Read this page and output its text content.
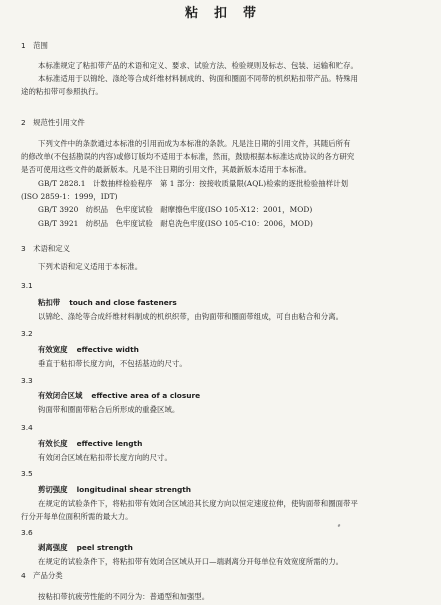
粘扣带
1　范围
本标准规定了粘扣带产品的术语和定义、要求、试验方法、检验规则及标志、包装、运输和贮存。
本标准适用于以锦纶、涤纶等合成纤维材料制成的、钩面和圈面不同带的机织粘扣带产品。特殊用
途的粘扣带可参照执行。
2　规范性引用文件
下列文件中的条款通过本标准的引用而成为本标准的条款。凡是注日期的引用文件，其随后所有
的修改单(不包括勘误的内容)或修订版均不适用于本标准，然而，鼓励根据本标准达成协议的各方研究
是否可使用这些文件的最新版本。凡是不注日期的引用文件，其最新版本适用于本标准。
GB/T 2828.1　计数抽样检验程序　第 1 部分：按接收质量限(AQL)检索的逐批检验抽样计划
(ISO 2859-1：1999，IDT)
GB/T 3920　纺织品　色牢度试验　耐摩擦色牢度(ISO 105-X12：2001，MOD)
GB/T 3921　纺织品　色牢度试验　耐皂洗色牢度(ISO 105-C10：2006，MOD)
3　术语和定义
下列术语和定义适用于本标准。
3.1
粘扣带 touch and close fasteners
以锦纶、涤纶等合成纤维材料制成的机织织带，由钩面带和圈面带组成，可自由粘合和分离。
3.2
有效宽度 effective width
垂直于粘扣带长度方向，不包括基边的尺寸。
3.3
有效闭合区域 effective area of a closure
钩面带和圈面带粘合后所形成的重叠区域。
3.4
有效长度 effective length
有效闭合区域在粘扣带长度方向的尺寸。
3.5
剪切强度 longitudinal shear strength
在规定的试验条件下，将粘扣带有效闭合区域沿其长度方向以恒定速度拉伸，使钩面带和圈面带平
行分开每单位面积所需的最大力。
3.6
剥离强度 peel strength
在规定的试验条件下，将粘扣带有效闭合区域从开口—端剥离分开每单位有效宽度所需的力。
4　产品分类
按粘扣带抗疲劳性能的不同分为：普通型和加强型。
